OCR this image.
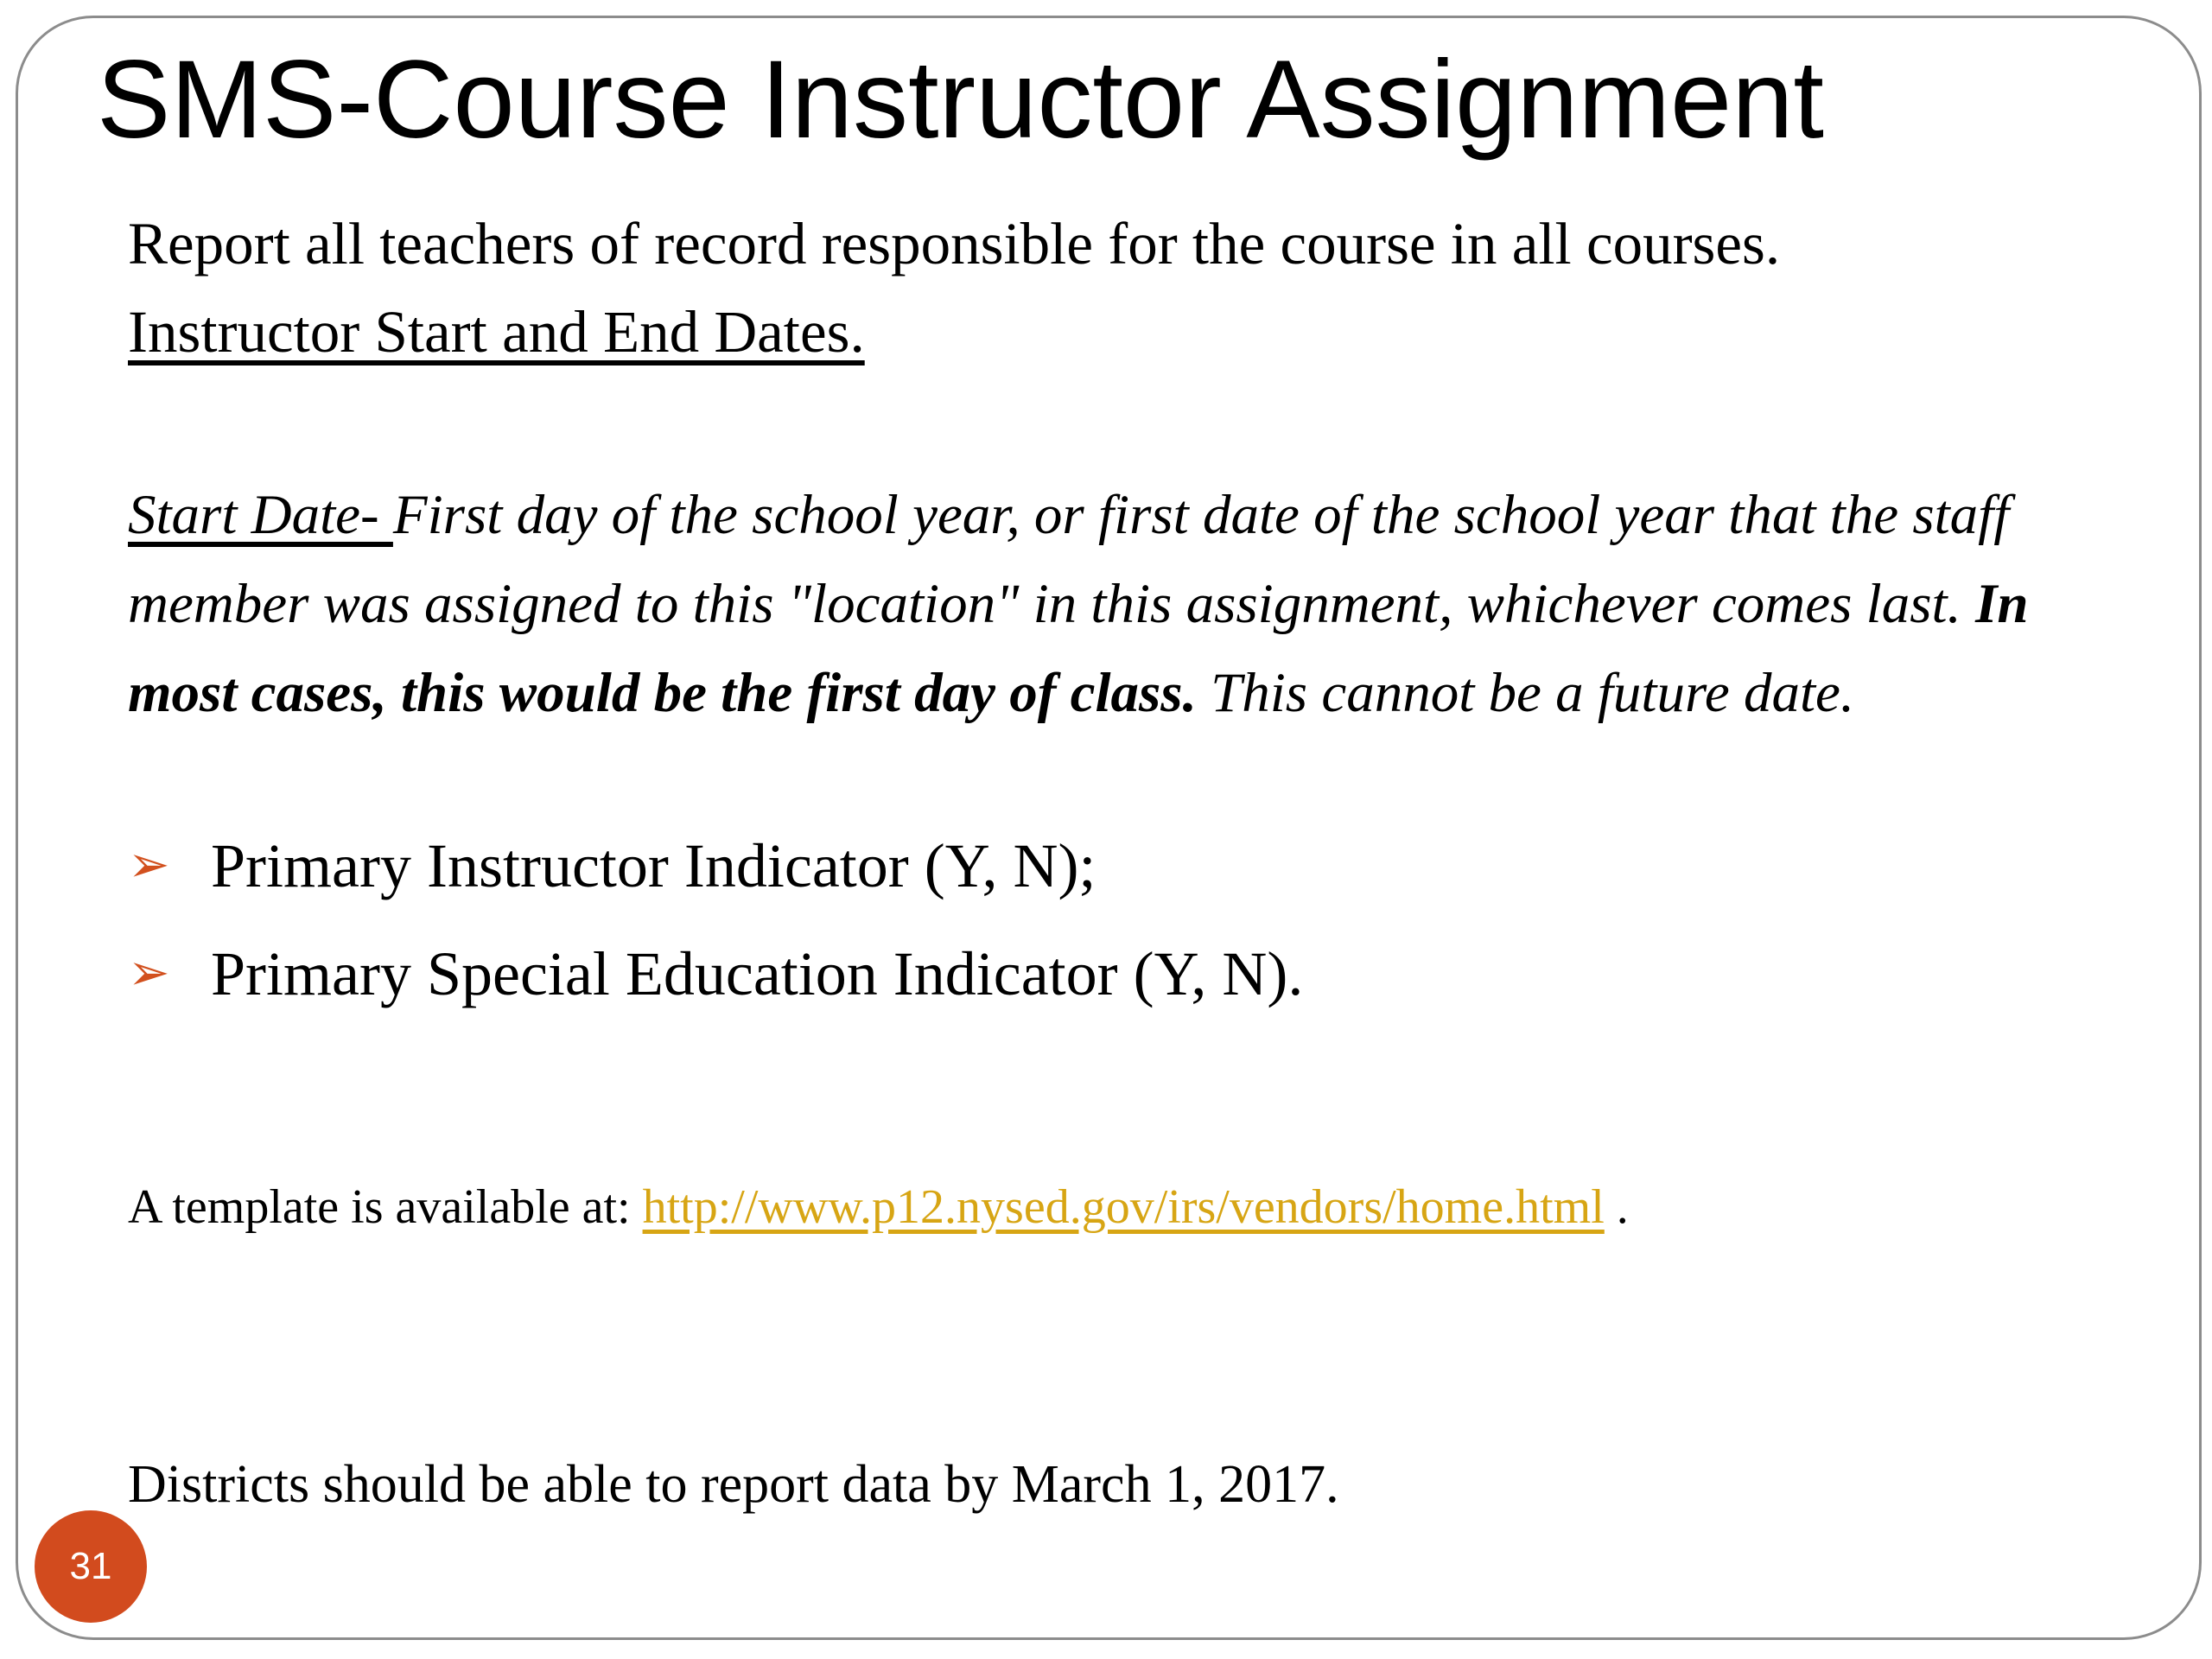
SMS-Course Instructor Assignment
Report all teachers of record responsible for the course in all courses.
Instructor Start and End Dates.
Start Date- First day of the school year, or first date of the school year that the staff member was assigned to this "location" in this assignment, whichever comes last. In most cases, this would be the first day of class. This cannot be a future date.
➢ Primary Instructor Indicator (Y, N);
➢ Primary Special Education Indicator (Y, N).
A template is available at: http://www.p12.nysed.gov/irs/vendors/home.html .
Districts should be able to report data by March 1, 2017.
31
